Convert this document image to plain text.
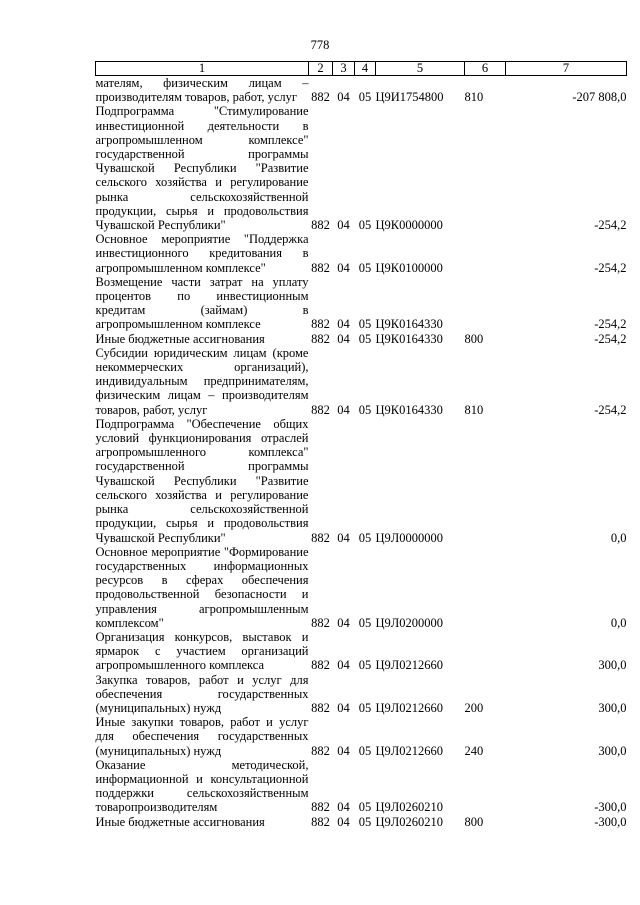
778
1	2	3	4	5	6	7
мателям, физическим лицам – производителям товаров, работ, услуг	882	04	05	Ц9И1754800	810	-207 808,0
Подпрограмма "Стимулирование инвестиционной деятельности в агропромышленном комплексе" государственной программы Чувашской Республики "Развитие сельского хозяйства и регулирование рынка сельскохозяйственной продукции, сырья и продовольствия Чувашской Республики"	882	04	05	Ц9К0000000		-254,2
Основное мероприятие "Поддержка инвестиционного кредитования в агропромышленном комплексе"	882	04	05	Ц9К0100000		-254,2
Возмещение части затрат на уплату процентов по инвестиционным кредитам (займам) в агропромышленном комплексе	882	04	05	Ц9К0164330		-254,2
Иные бюджетные ассигнования	882	04	05	Ц9К0164330	800	-254,2
Субсидии юридическим лицам (кроме некоммерческих организаций), индивидуальным предпринимателям, физическим лицам – производителям товаров, работ, услуг	882	04	05	Ц9К0164330	810	-254,2
Подпрограмма "Обеспечение общих условий функционирования отраслей агропромышленного комплекса" государственной программы Чувашской Республики "Развитие сельского хозяйства и регулирование рынка сельскохозяйственной продукции, сырья и продовольствия Чувашской Республики"	882	04	05	Ц9Л0000000		0,0
Основное мероприятие "Формирование государственных информационных ресурсов в сферах обеспечения продовольственной безопасности и управления агропромышленным комплексом"	882	04	05	Ц9Л0200000		0,0
Организация конкурсов, выставок и ярмарок с участием организаций агропромышленного комплекса	882	04	05	Ц9Л0212660		300,0
Закупка товаров, работ и услуг для обеспечения государственных (муниципальных) нужд	882	04	05	Ц9Л0212660	200	300,0
Иные закупки товаров, работ и услуг для обеспечения государственных (муниципальных) нужд	882	04	05	Ц9Л0212660	240	300,0
Оказание методической, информационной и консультационной поддержки сельскохозяйственным товаропроизводителям	882	04	05	Ц9Л0260210		-300,0
Иные бюджетные ассигнования	882	04	05	Ц9Л0260210	800	-300,0
